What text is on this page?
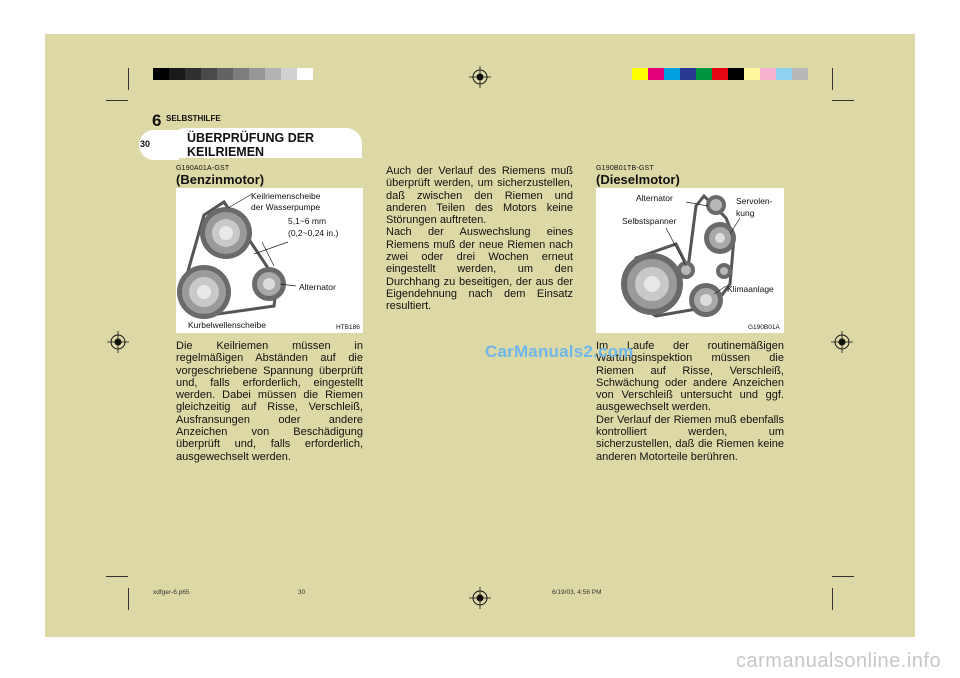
6 SELBSTHILFE
30	ÜBERPRÜFUNG DER KEILRIEMEN
G190A01A-GST
(Benzinmotor)
Keilriemenscheibe
der Wasserpumpe
5,1~6 mm
(0,2~0,24 in.)
Alternator
Kurbelwellenscheibe	HTB186
Die Keilriemen müssen in regelmäßigen Abständen auf die vorgeschriebene Spannung überprüft und, falls erforderlich, eingestellt werden. Dabei müssen die Riemen gleichzeitig auf Risse, Verschleiß, Ausfransungen oder andere Anzeichen von Beschädigung überprüft und, falls erforderlich, ausgewechselt werden.

Auch der Verlauf des Riemens muß überprüft werden, um sicherzustellen, daß zwischen den Riemen und anderen Teilen des Motors keine Störungen auftreten.

Nach der Auswechslung eines Riemens muß der neue Riemen nach zwei oder drei Wochen erneut eingestellt werden, um den Durchhang zu beseitigen, der aus der Eigendehnung nach dem Einsatz resultiert.

G190B01TB-GST
(Dieselmotor)
Alternator	Servolen-
kung
Selbstspanner
Klimaanlage
G190B01A

Im Laufe der routinemäßigen Wartungsinspektion müssen die Riemen auf Risse, Verschleiß, Schwächung oder andere Anzeichen von Verschleiß untersucht und ggf. ausgewechselt werden.

Der Verlauf der Riemen muß ebenfalls kontrolliert werden, um sicherzustellen, daß die Riemen keine anderen Motorteile berühren.

CarManuals2.com
xdfger-6.p65	30	6/19/03, 4:56 PM
carmanualsonline.info
